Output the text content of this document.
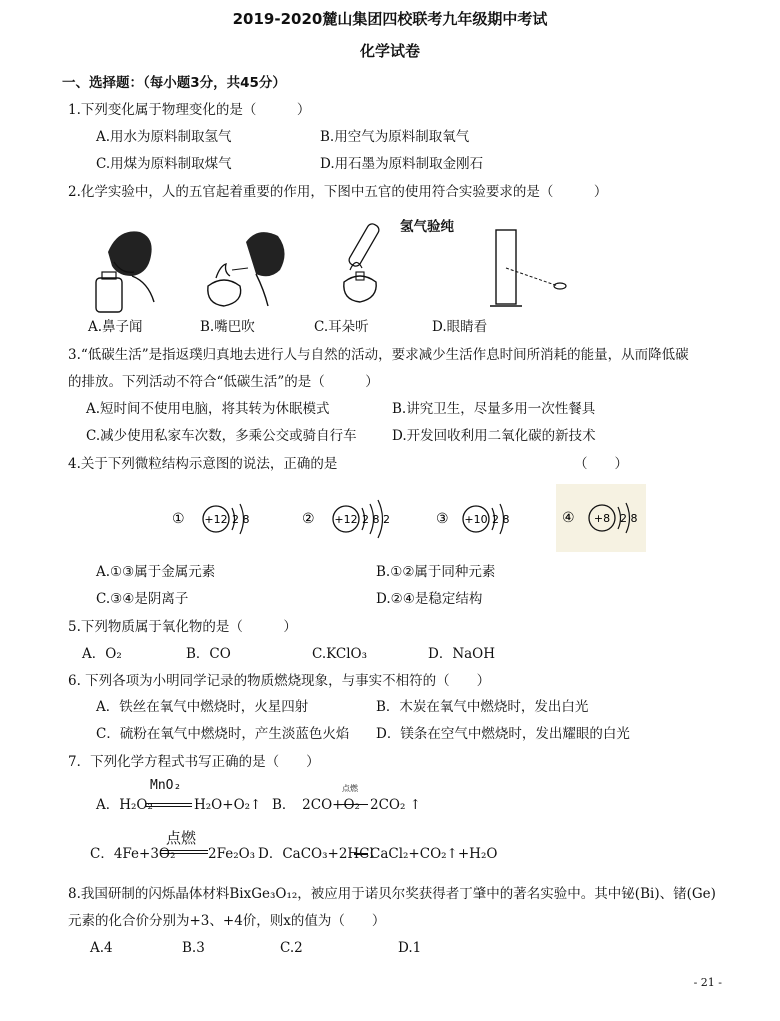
2019-2020麓山集团四校联考九年级期中考试
化学试卷
一、选择题：（每小题3分，共45分）
1.下列变化属于物理变化的是（　　　）
A.用水为原料制取氢气	B.用空气为原料制取氧气
C.用煤为原料制取煤气	D.用石墨为原料制取金刚石
2.化学实验中，人的五官起着重要的作用，下图中五官的使用符合实验要求的是（　　　）
氢气验纯
A.鼻子闻	B.嘴巴吹	C.耳朵听	D.眼睛看
3.“低碳生活”是指返璞归真地去进行人与自然的活动，要求减少生活作息时间所消耗的能量，从而降低碳
的排放。下列活动不符合“低碳生活”的是（　　　）
A.短时间不使用电脑，将其转为休眠模式	B.讲究卫生，尽量多用一次性餐具
C.减少使用私家车次数，多乘公交或骑自行车	D.开发回收利用二氧化碳的新技术
4.关于下列微粒结构示意图的说法，正确的是	（　　）
① +12 2 8	② +12 2 8 2	③ +10 2 8	④ +8 2 8
A.①③属于金属元素	B.①②属于同种元素
C.③④是阴离子	D.②④是稳定结构
5.下列物质属于氧化物的是（　　　）
A．O₂	B．CO	C.KClO₃	D．NaOH
6. 下列各项为小明同学记录的物质燃烧现象，与事实不相符的（　　）
A．铁丝在氧气中燃烧时，火星四射	B．木炭在氧气中燃烧时，发出白光
C．硫粉在氧气中燃烧时，产生淡蓝色火焰 D．镁条在空气中燃烧时，发出耀眼的白光
7．下列化学方程式书写正确的是（　　）
A．H₂O₂
MnO₂
H₂O+O₂↑ B．　2CO+O₂
点燃
2CO₂ ↑
C．4Fe+3O₂
点燃
2Fe₂O₃ D．CaCO₃+2HCl
CaCl₂+CO₂↑+H₂O
8.我国研制的闪烁晶体材料BixGe₃O₁₂，被应用于诺贝尔奖获得者丁肇中的著名实验中。其中铋(Bi)、锗(Ge)
元素的化合价分别为+3、+4价，则x的值为（　　）
A.4	B.3	C.2	D.1
- 21 -
